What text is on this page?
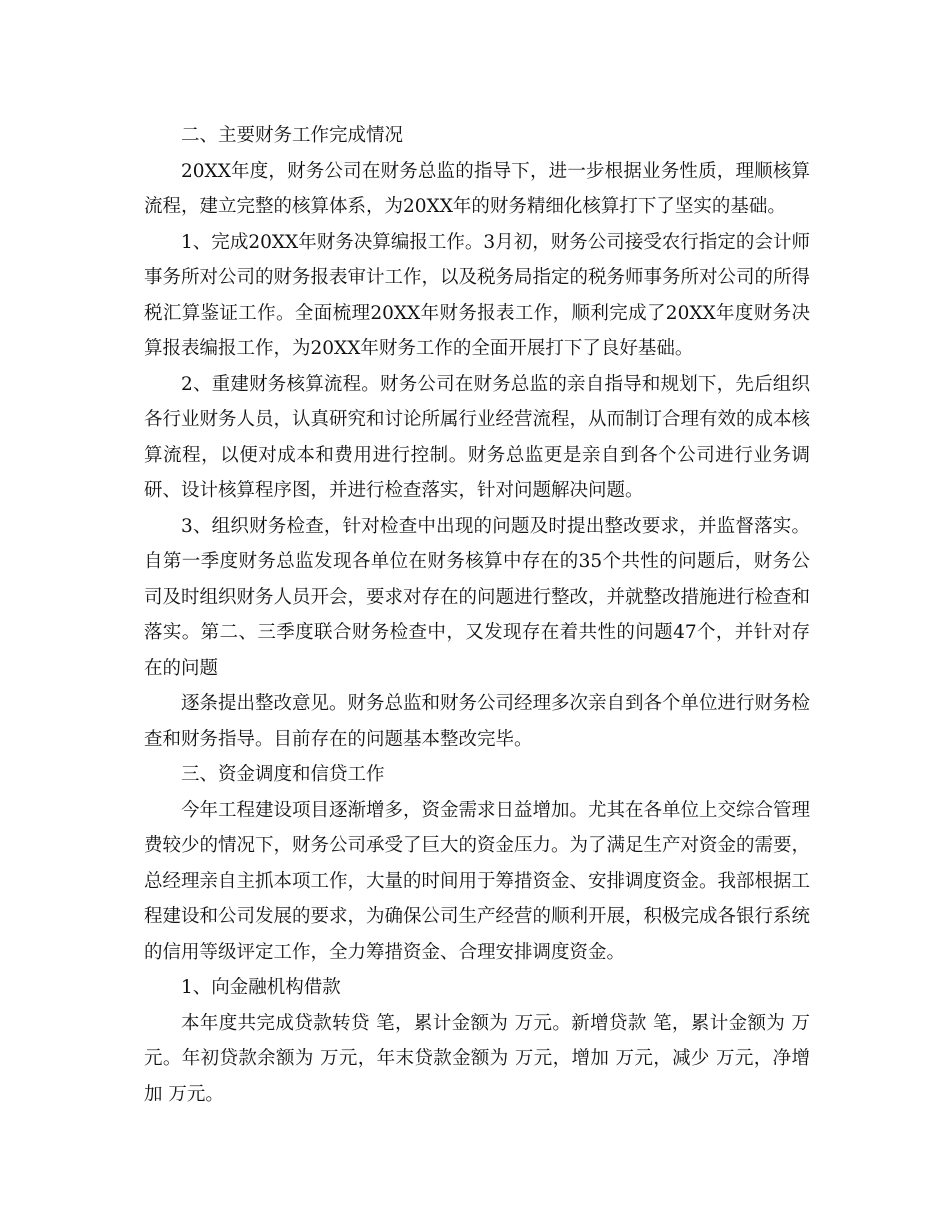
二、主要财务工作完成情况

20XX年度，财务公司在财务总监的指导下，进一步根据业务性质，理顺核算流程，建立完整的核算体系，为20XX年的财务精细化核算打下了坚实的基础。

1、完成20XX年财务决算编报工作。3月初，财务公司接受农行指定的会计师事务所对公司的财务报表审计工作，以及税务局指定的税务师事务所对公司的所得税汇算鉴证工作。全面梳理20XX年财务报表工作，顺利完成了20XX年度财务决算报表编报工作，为20XX年财务工作的全面开展打下了良好基础。

2、重建财务核算流程。财务公司在财务总监的亲自指导和规划下，先后组织各行业财务人员，认真研究和讨论所属行业经营流程，从而制订合理有效的成本核算流程，以便对成本和费用进行控制。财务总监更是亲自到各个公司进行业务调研、设计核算程序图，并进行检查落实，针对问题解决问题。

3、组织财务检查，针对检查中出现的问题及时提出整改要求，并监督落实。自第一季度财务总监发现各单位在财务核算中存在的35个共性的问题后，财务公司及时组织财务人员开会，要求对存在的问题进行整改，并就整改措施进行检查和落实。第二、三季度联合财务检查中，又发现存在着共性的问题47个，并针对存在的问题

逐条提出整改意见。财务总监和财务公司经理多次亲自到各个单位进行财务检查和财务指导。目前存在的问题基本整改完毕。

三、资金调度和信贷工作

今年工程建设项目逐渐增多，资金需求日益增加。尤其在各单位上交综合管理费较少的情况下，财务公司承受了巨大的资金压力。为了满足生产对资金的需要，总经理亲自主抓本项工作，大量的时间用于筹措资金、安排调度资金。我部根据工程建设和公司发展的要求，为确保公司生产经营的顺利开展，积极完成各银行系统的信用等级评定工作，全力筹措资金、合理安排调度资金。

1、向金融机构借款

本年度共完成贷款转贷 笔，累计金额为 万元。新增贷款 笔，累计金额为 万元。年初贷款余额为 万元，年末贷款金额为 万元，增加 万元，减少 万元，净增加 万元。
